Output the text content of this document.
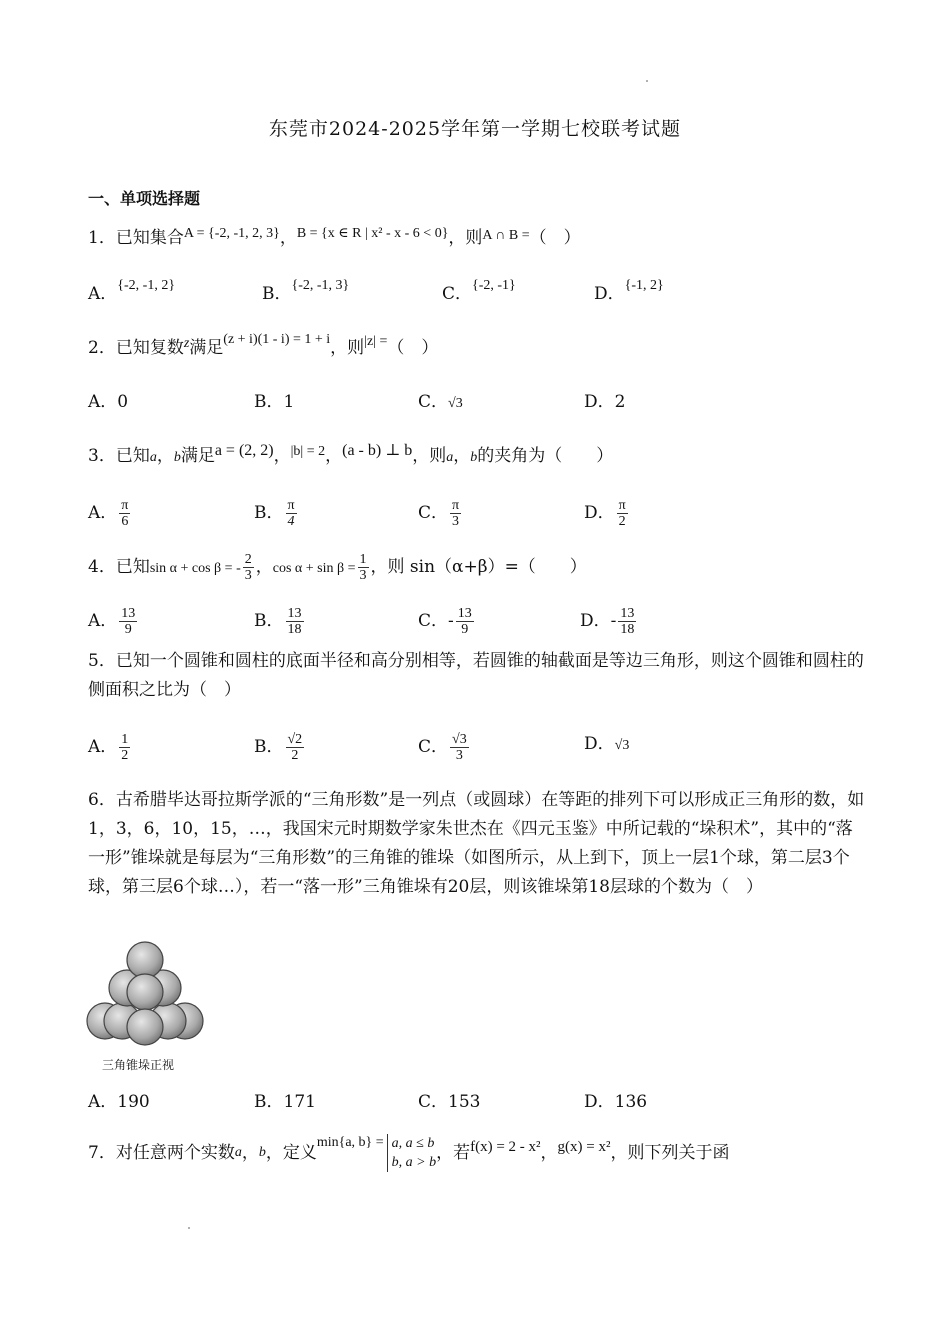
东莞市2024-2025学年第一学期七校联考试题
一、单项选择题
1．已知集合$^{A = \{-2, -1, 2, 3\}}$，$^{B = \{x \in R | x^2 - x - 6 < 0\}}$，则$^{A \cap B =}$（　）
A．$^{\{-2, -1, 2\}}$	B．$^{\{-2, -1, 3\}}$	C．$^{\{-2, -1\}}$	D．$^{\{-1, 2\}}$
2．已知复数$^z$满足$^{(z + i)(1 - i) = 1 + i}$，则$^{|z| =}$（　）
A．0	B．1	C．√3	D．2
3．已知a，b满足a = (2, 2)，$^{|b| = 2}$，(a - b) ⊥ b，则a，b的夹角为（　　）
A． $\frac{\pi}{6}$	B． $\frac{\pi}{4}$	C． $\frac{\pi}{3}$	D． $\frac{\pi}{2}$
4．已知sin α + cos β = - $\frac{2}{3}$ ，$\cos \alpha + \sin \beta = \frac{1}{3}$ ，则 sin（α+β）=（　　）
A． $\frac{13}{9}$	B． $\frac{13}{18}$	C．- $\frac{13}{9}$	D．- $\frac{13}{18}$
5．已知一个圆锥和圆柱的底面半径和高分别相等，若圆锥的轴截面是等边三角形，则这个圆锥和圆柱的侧面积之比为（　）
A． $\frac{1}{2}$	B． $\frac{√2}{2}$	C． $\frac{√3}{3}$	D．√3
6．古希腊毕达哥拉斯学派的“三角形数”是一列点（或圆球）在等距的排列下可以形成正三角形的数，如1，3，6，10，15，…，我国宋元时期数学家朱世杰在《四元玉鉴》中所记载的“垛积术”，其中的“落一形”锥垛就是每层为“三角形数”的三角锥的锥垛（如图所示，从上到下，顶上一层1个球，第二层3个球，第三层6个球…），若一“落一形”三角锥垛有20层，则该锥垛第18层球的个数为（　）
三角锥垛正视
A．190	B．171	C．153	D．136
7．对任意两个实数 a ， b ，定义
min{a, b} = a, a ≤ b
b, a > b ，若 f(x) = 2 - x² ， g(x) = x² ，则下列关于函
